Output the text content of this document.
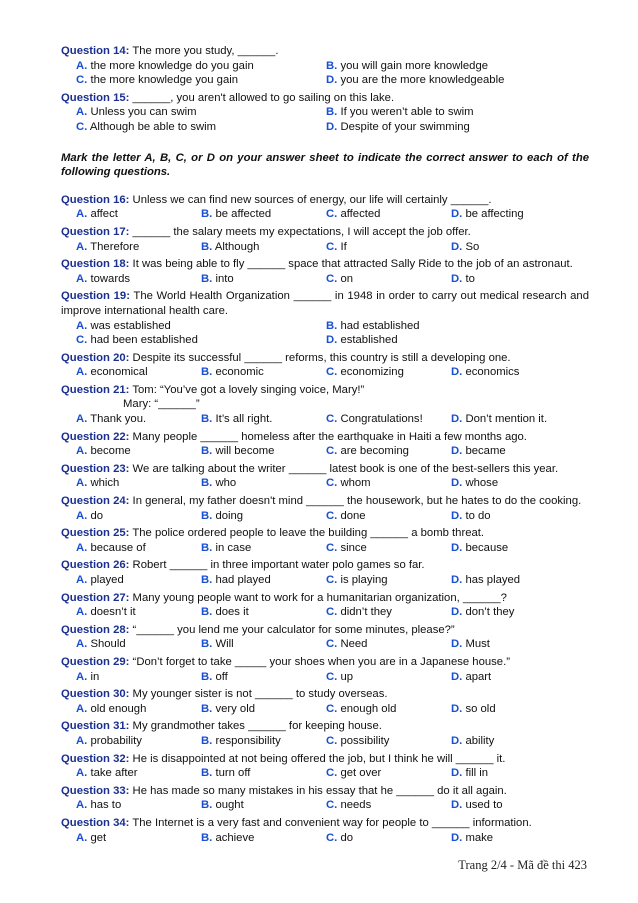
Question 14: The more you study, ______.
A. the more knowledge do you gain	B. you will gain more knowledge
C. the more knowledge you gain	D. you are the more knowledgeable
Question 15: ______, you aren't allowed to go sailing on this lake.
A. Unless you can swim	B. If you weren’t able to swim
C. Although be able to swim	D. Despite of your swimming
Mark the letter A, B, C, or D on your answer sheet to indicate the correct answer to each of the following questions.
Question 16: Unless we can find new sources of energy, our life will certainly ______.
A. affect	B. be affected	C. affected	D. be affecting
Question 17: ______ the salary meets my expectations, I will accept the job offer.
A. Therefore	B. Although	C. If	D. So
Question 18: It was being able to fly ______ space that attracted Sally Ride to the job of an astronaut.
A. towards	B. into	C. on	D. to
Question 19: The World Health Organization ______ in 1948 in order to carry out medical research and improve international health care.
A. was established	B. had established
C. had been established	D. established
Question 20: Despite its successful ______ reforms, this country is still a developing one.
A. economical	B. economic	C. economizing	D. economics
Question 21: Tom: “You’ve got a lovely singing voice, Mary!”
Mary: “______”
A. Thank you.	B. It’s all right.	C. Congratulations!	D. Don’t mention it.
Question 22: Many people ______ homeless after the earthquake in Haiti a few months ago.
A. become	B. will become	C. are becoming	D. became
Question 23: We are talking about the writer ______ latest book is one of the best-sellers this year.
A. which	B. who	C. whom	D. whose
Question 24: In general, my father doesn't mind ______ the housework, but he hates to do the cooking.
A. do	B. doing	C. done	D. to do
Question 25: The police ordered people to leave the building ______ a bomb threat.
A. because of	B. in case	C. since	D. because
Question 26: Robert ______ in three important water polo games so far.
A. played	B. had played	C. is playing	D. has played
Question 27: Many young people want to work for a humanitarian organization, ______?
A. doesn’t it	B. does it	C. didn’t they	D. don’t they
Question 28: “______ you lend me your calculator for some minutes, please?”
A. Should	B. Will	C. Need	D. Must
Question 29: “Don’t forget to take _____ your shoes when you are in a Japanese house.”
A. in	B. off	C. up	D. apart
Question 30: My younger sister is not ______ to study overseas.
A. old enough	B. very old	C. enough old	D. so old
Question 31: My grandmother takes ______ for keeping house.
A. probability	B. responsibility	C. possibility	D. ability
Question 32: He is disappointed at not being offered the job, but I think he will ______ it.
A. take after	B. turn off	C. get over	D. fill in
Question 33: He has made so many mistakes in his essay that he ______ do it all again.
A. has to	B. ought	C. needs	D. used to
Question 34: The Internet is a very fast and convenient way for people to ______ information.
A. get	B. achieve	C. do	D. make
Trang 2/4 - Mã đề thi 423
